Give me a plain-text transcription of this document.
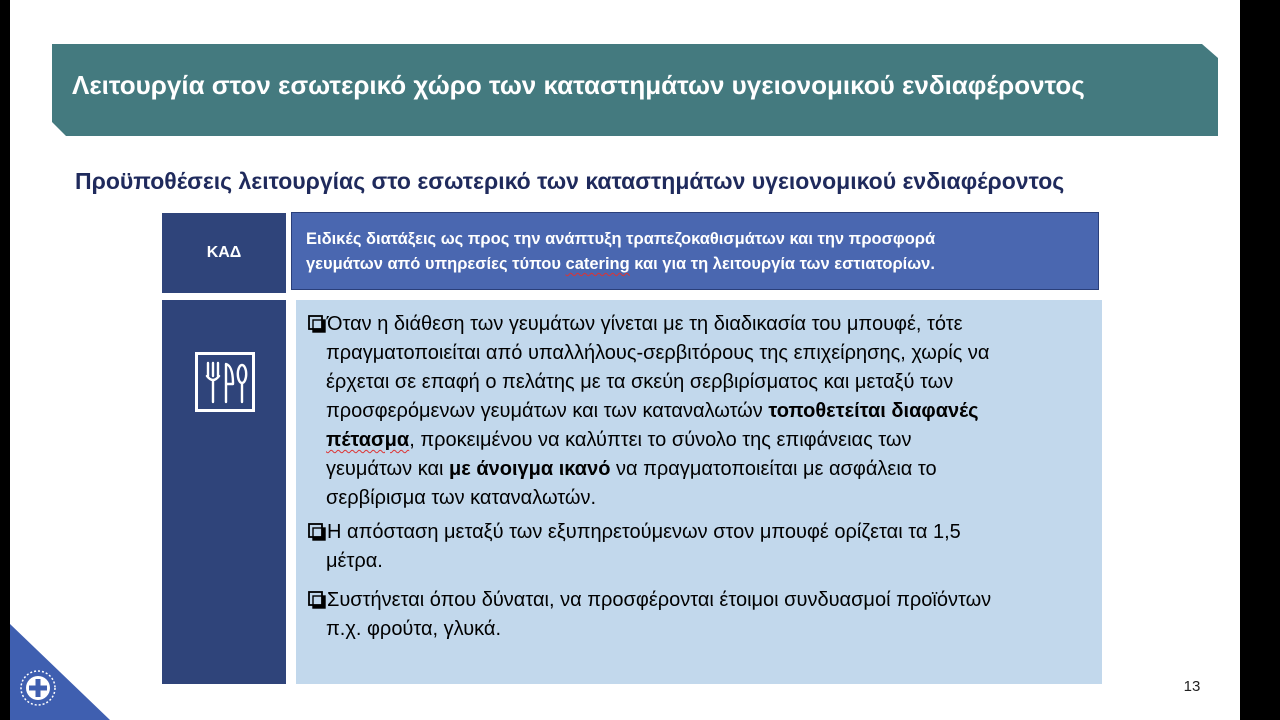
Λειτουργία στον εσωτερικό χώρο των καταστημάτων υγειονομικού ενδιαφέροντος
Προϋποθέσεις λειτουργίας στο εσωτερικό των καταστημάτων υγειονομικού ενδιαφέροντος
ΚΑΔ
Ειδικές διατάξεις ως προς την ανάπτυξη τραπεζοκαθισμάτων και την προσφορά
γευμάτων από υπηρεσίες τύπου catering και για τη λειτουργία των εστιατορίων.
Όταν η διάθεση των γευμάτων γίνεται με τη διαδικασία του μπουφέ, τότε
πραγματοποιείται από υπαλλήλους-σερβιτόρους της επιχείρησης, χωρίς να
έρχεται σε επαφή ο πελάτης με τα σκεύη σερβιρίσματος και μεταξύ των
προσφερόμενων γευμάτων και των καταναλωτών τοποθετείται διαφανές
πέτασμα, προκειμένου να καλύπτει το σύνολο της επιφάνειας των
γευμάτων και με άνοιγμα ικανό να πραγματοποιείται με ασφάλεια το
σερβίρισμα των καταναλωτών.
Η απόσταση μεταξύ των εξυπηρετούμενων στον μπουφέ ορίζεται τα 1,5
μέτρα.
Συστήνεται όπου δύναται, να προσφέρονται έτοιμοι συνδυασμοί προϊόντων
π.χ. φρούτα, γλυκά.
13
